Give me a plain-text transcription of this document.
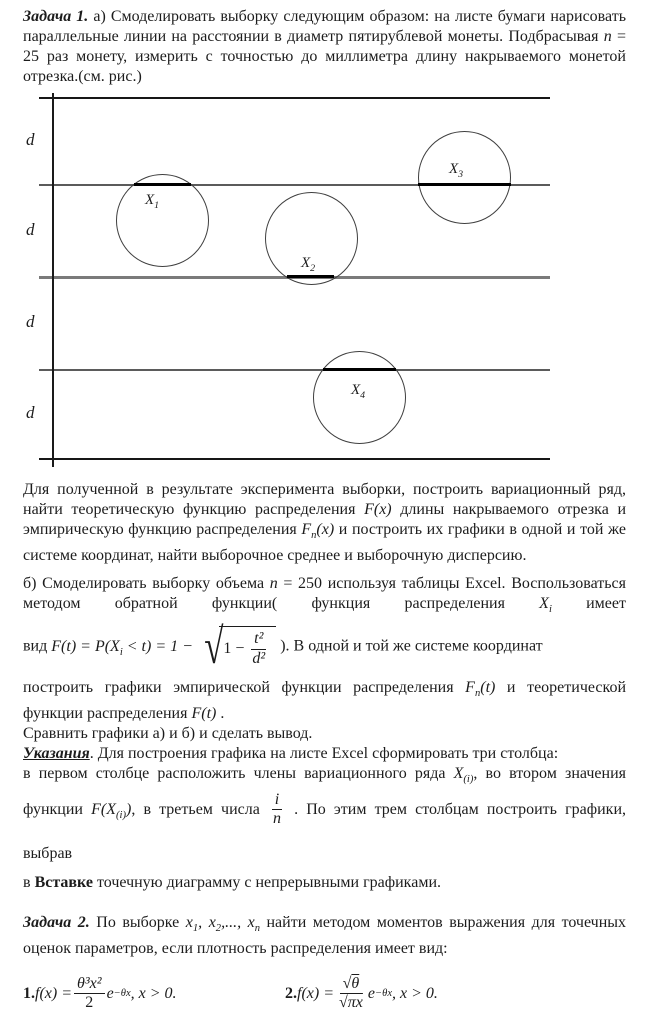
Задача 1. а) Смоделировать выборку следующим образом: на листе бумаги нарисовать параллельные линии на расстоянии в диаметр пятирублевой монеты. Подбрасывая n = 25 раз монету, измерить с точностью до миллиметра длину накрываемого монетой отрезка.(см. рис.)

d
d
d
d
$X_1$
$X_2$
$X_3$
$X_4$

Для полученной в результате эксперимента выборки, построить вариационный ряд, найти теоретическую функцию распределения F(x) длины накрываемого отрезка и эмпирическую функцию распределения $F_n(x)$ и построить их графики в одной и той же системе координат, найти выборочное среднее и выборочную дисперсию.

б) Смоделировать выборку объема n = 250 используя таблицы Excel. Воспользоваться методом обратной функции( функция распределения $X_i$ имеет

вид $F(t) = P(X_i < t) = 1$ − √ $1 - \frac{\text{t²}}{\text{d²}}$ ). В одной и той же системе координат

построить графики эмпирической функции распределения $F_n(t)$ и теоретической
функции распределения F(t) .
Сравнить графики а) и б) и сделать вывод.
Указания. Для построения графика на листе Excel сформировать три столбца:
в первом столбце расположить члены вариационного ряда $X_{(i)}$, во втором значения
функции $F(X_{(i)})$, в третьем числа $\frac{i}{n}$ . По этим трем столбцам построить графики, выбрав
в Вставке точечную диаграмму с непрерывными графиками.

Задача 2. По выборке $x_1$, $x_2$,..., $x_n$ найти методом моментов выражения для точечных оценок параметров, если плотность распределения имеет вид:

1. $f(x) = \frac{\text{θ³x²}}{2}$ e −θx , x > 0.	2. $f(x) = \frac{√\theta}{√\pi x}$ e −θx , x > 0.
